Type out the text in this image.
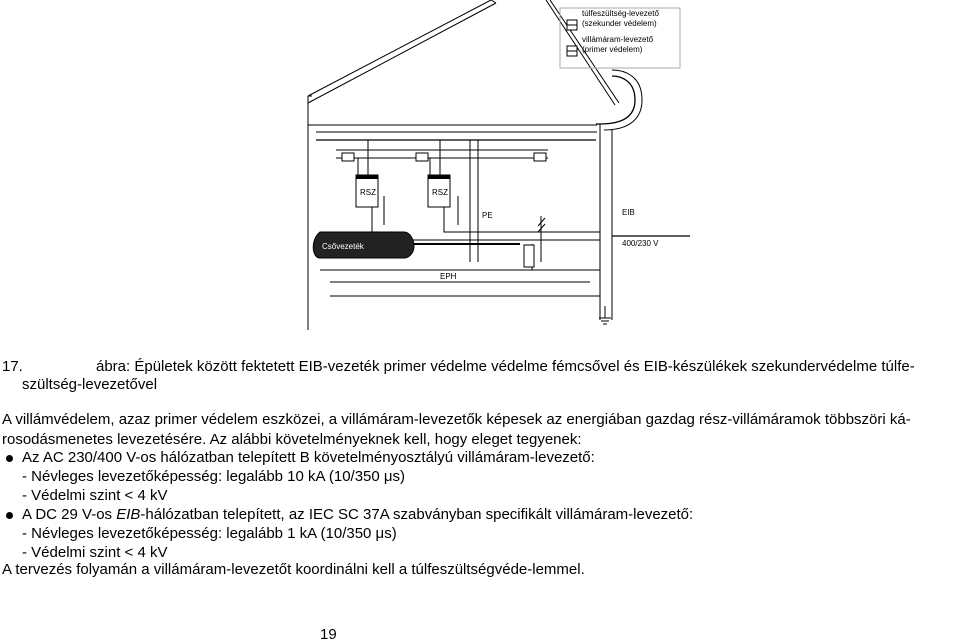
túlfeszültség-levezető
(szekunder védelem)
villámáram-levezető
(primer védelem)
RSZ	RSZ
PE	EIB
400/230 V
Csővezeték
EPH
17.	ábra: Épületek között fektetett EIB-vezeték primer védelme védelme fémcsővel és EIB-készülékek szekundervédelme túlfe-
szültség-levezetővel
A villámvédelem, azaz primer védelem eszközei, a villámáram-levezetők képesek az energiában gazdag rész-villámáramok többszöri ká-
rosodásmenetes levezetésére. Az alábbi követelményeknek kell, hogy eleget tegyenek:
Az AC 230/400 V-os hálózatban telepített B követelményosztályú villámáram-levezető:
- Névleges levezetőképesség: legalább 10 kA (10/350 μs)
- Védelmi szint < 4 kV
A DC 29 V-os EIB-hálózatban telepített, az IEC SC 37A szabványban specifikált villámáram-levezető:
- Névleges levezetőképesség: legalább 1 kA (10/350 μs)
- Védelmi szint < 4 kV
A tervezés folyamán a villámáram-levezetőt koordinálni kell a túlfeszültségvéde-lemmel.
19
